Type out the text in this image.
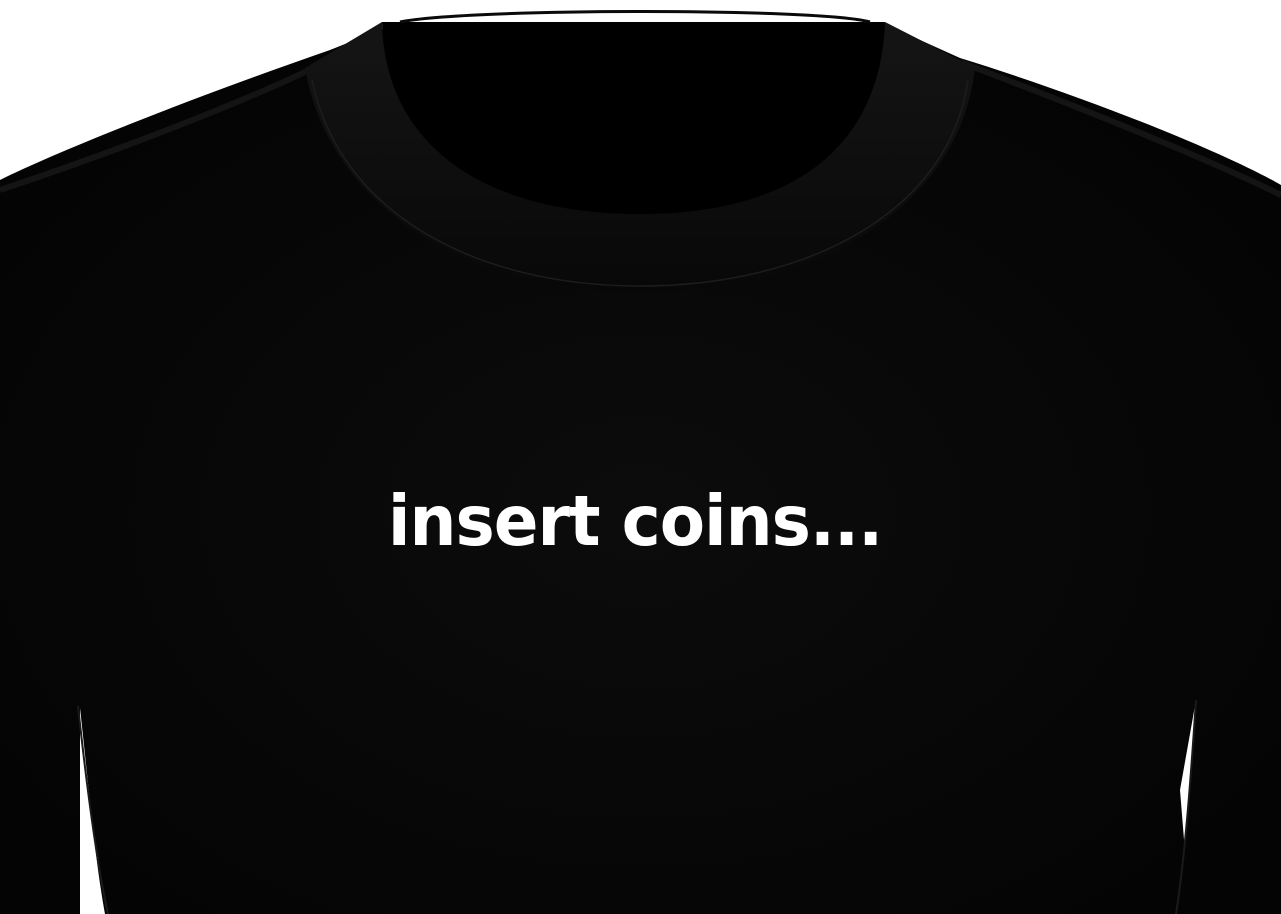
insert coins...
